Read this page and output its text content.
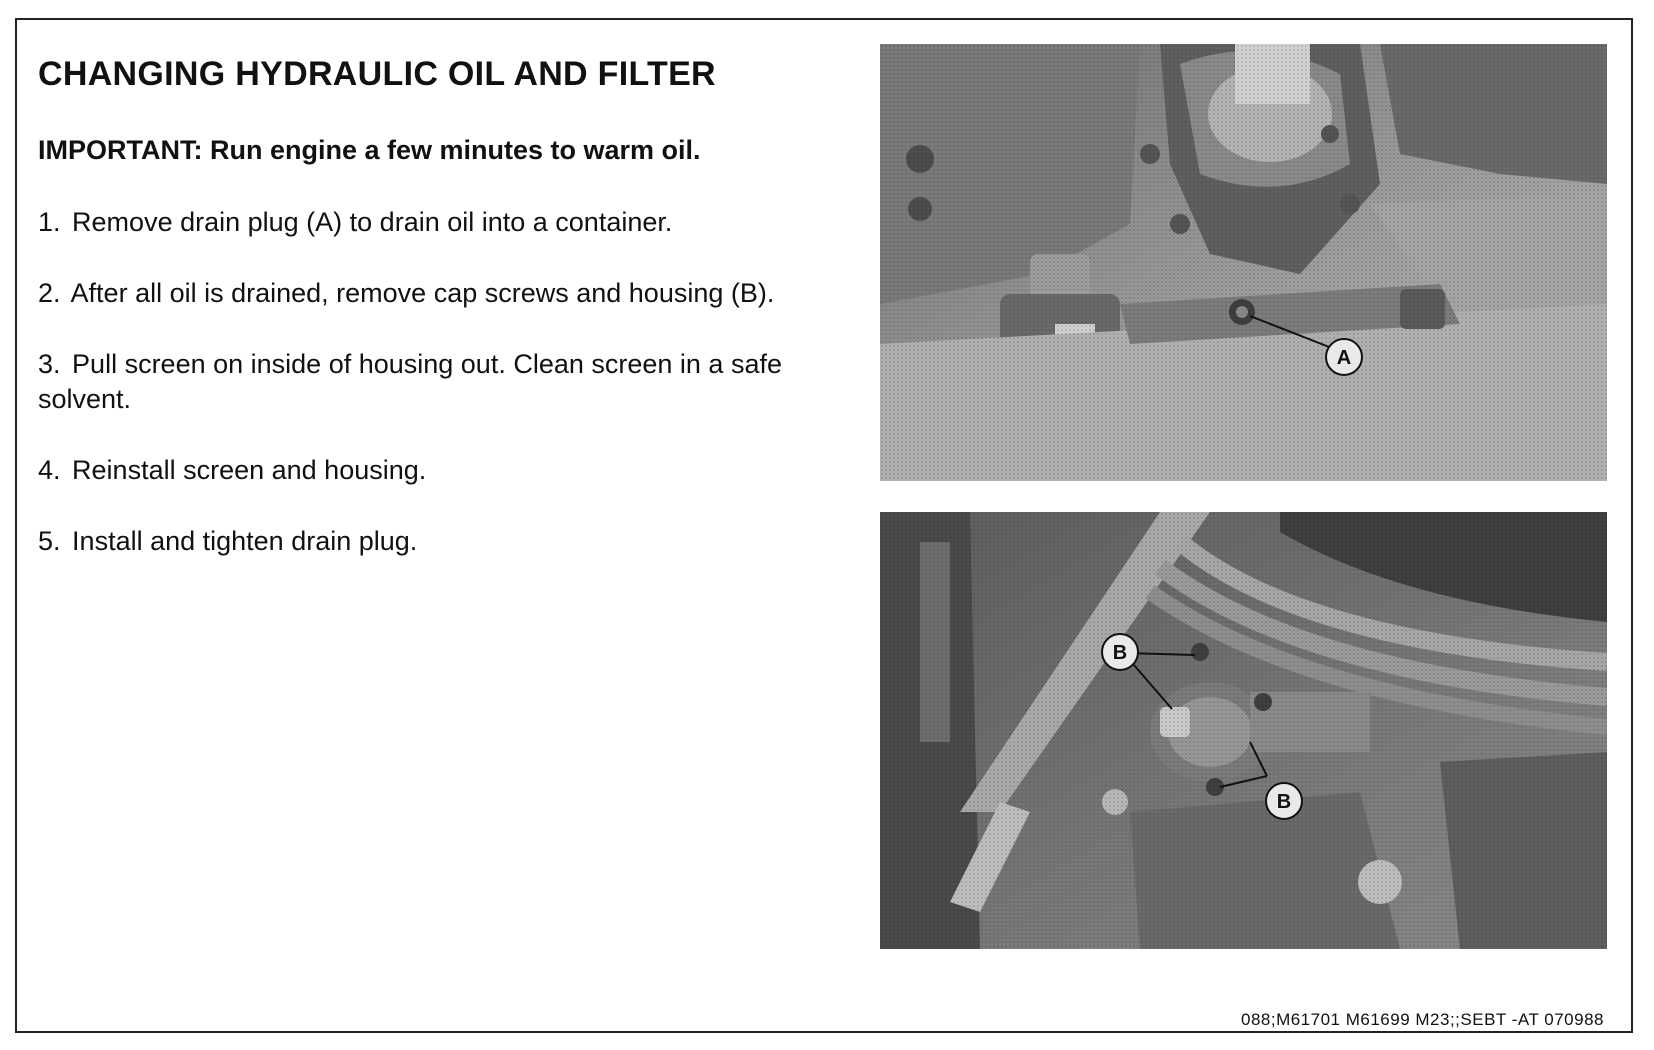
CHANGING HYDRAULIC OIL AND FILTER

IMPORTANT: Run engine a few minutes to warm oil.

1. Remove drain plug (A) to drain oil into a container.

2. After all oil is drained, remove cap screws and housing (B).

3. Pull screen on inside of housing out. Clean screen in a safe solvent.

4. Reinstall screen and housing.

5. Install and tighten drain plug.

A
B
B
088;M61701 M61699 M23;;SEBT -AT 070988
